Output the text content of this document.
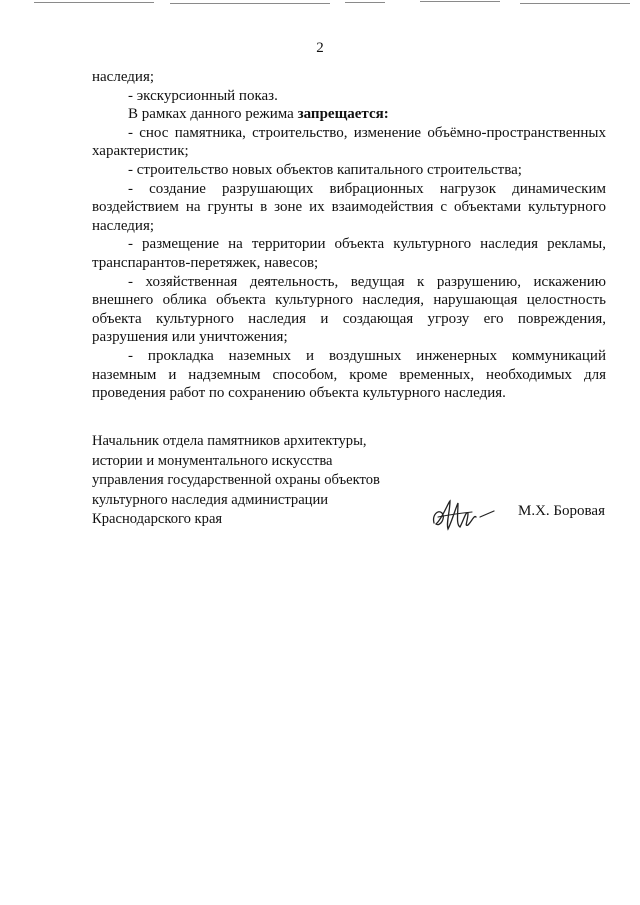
2

наследия;

- экскурсионный показ.

В рамках данного режима запрещается:

- снос памятника, строительство, изменение объёмно-пространственных характеристик;

- строительство новых объектов капитального строительства;

- создание разрушающих вибрационных нагрузок динамическим воздействием на грунты в зоне их взаимодействия с объектами культурного наследия;

- размещение на территории объекта культурного наследия рекламы, транспарантов-перетяжек, навесов;

- хозяйственная деятельность, ведущая к разрушению, искажению внешнего облика объекта культурного наследия, нарушающая целостность объекта культурного наследия и создающая угрозу его повреждения, разрушения или уничтожения;

- прокладка наземных и воздушных инженерных коммуникаций наземным и надземным способом, кроме временных, необходимых для проведения работ по сохранению объекта культурного наследия.

Начальник отдела памятников архитектуры,
истории и монументального искусства
управления государственной охраны объектов
культурного наследия администрации
Краснодарского края	М.Х. Боровая
